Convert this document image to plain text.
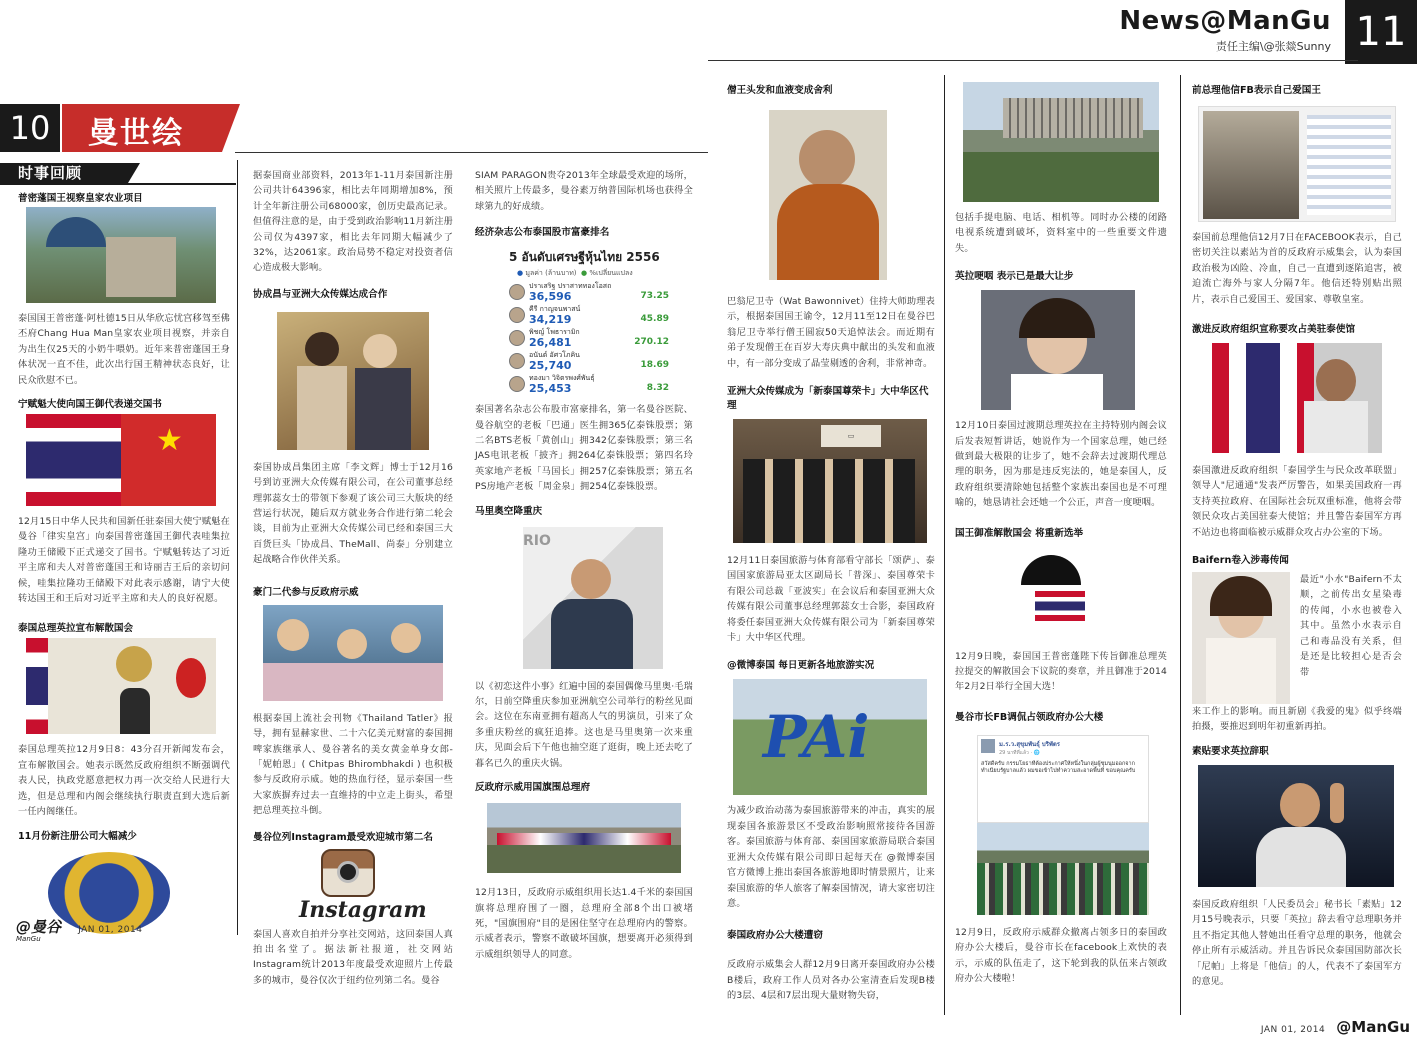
News@ManGu
责任主编\@张燚Sunny 11
10	曼世绘
时事回顾
普密蓬国王视察皇家农业项目
泰国国王普密蓬·阿杜德15日从华欣忘忧宫移驾至佛丕府Chang Hua Man皇家农业项目视察，并亲自为出生仅25天的小奶牛喂奶。近年来普密蓬国王身体状况一直不佳，此次出行国王精神状态良好，让民众欣慰不已。
宁赋魁大使向国王御代表递交国书
★
12月15日中华人民共和国新任驻泰国大使宁赋魁在曼谷「律实皇宫」向泰国普密蓬国王御代表哇集拉隆功王储殿下正式递交了国书。宁赋魁转达了习近平主席和夫人对普密蓬国王和诗丽吉王后的亲切问候，哇集拉隆功王储殿下对此表示感谢，请宁大使转达国王和王后对习近平主席和夫人的良好祝愿。
泰国总理英拉宣布解散国会
泰国总理英拉12月9日8：43分召开新闻发布会，宣布解散国会。她表示既然反政府组织不断强调代表人民，执政党愿意把权力再一次交给人民进行大选，但是总理和内阁会继续执行职责直到大选后新一任内阁继任。
11月份新注册公司大幅减少
@曼谷 JAN 01, 2014
ManGu
据泰国商业部资料，2013年1-11月泰国新注册公司共计64396家，相比去年同期增加8%，预计全年新注册公司68000家，创历史最高记录。但值得注意的是，由于受到政治影响11月新注册公司仅为4397家，相比去年同期大幅减少了32%，达2061家。政治局势不稳定对投资者信心造成极大影响。
协成昌与亚洲大众传媒达成合作
泰国协成昌集团主席「李文辉」博士于12月16号到访亚洲大众传媒有限公司，在公司董事总经理郭蕊女士的带领下参观了该公司三大版块的经营运行状况，随后双方就业务合作进行第二轮会谈，目前为止亚洲大众传媒公司已经和泰国三大百货巨头「协成昌、TheMall、尚泰」分别建立起战略合作伙伴关系。
豪门二代参与反政府示威
根据泰国上流社会刊物《Thailand Tatler》报导，拥有显赫家世、二十六亿美元财富的泰国拥啤家族继承人、曼谷著名的美女黄金单身女郎-「妮帕恩」( Chitpas Bhirombhakdi ) 也积极参与反政府示威。她的热血行径，显示泰国一些大家族摒弃过去一直维持的中立走上街头，希望把总理英拉斗倒。
曼谷位列Instagram最受欢迎城市第二名
Instagram
泰国人喜欢自拍并分享社交网站，这回泰国人真拍出名堂了。据法新社报道，社交网站Instagram统计2013年度最受欢迎照片上传最多的城市，曼谷仅次于纽约位列第二名。曼谷
SIAM PARAGON贵夺2013年全球最受欢迎的场所，相关照片上传最多，曼谷素万纳普国际机场也获得全球第九的好成绩。
经济杂志公布泰国股市富豪排名
5 อันดับเศรษฐีหุ้นไทย 2556
● มูลค่า (ล้านบาท) ● %เปลี่ยนแปลง
ปราเสริฐ ปราสาททองโอสถ
36,596	73.25
คีรี กาญจนพาสน์
34,219	45.89
พิชญ์ โพธารามิก
26,481	270.12
อนันต์ อัศวโภคิน
25,740	18.69
ทองมา วิจิตรพงศ์พันธุ์
25,453	8.32
泰国著名杂志公布股市富豪排名，第一名曼谷医院、曼谷航空的老板「巴通」医生拥365亿泰铢股票；第二名BTS老板「黄创山」拥342亿泰铢股票；第三名JAS电讯老板「披齐」拥264亿泰铢股票；第四名玲英家地产老板「马国长」拥257亿泰铢股票；第五名PS房地产老板「周金泉」拥254亿泰铢股票。
马里奥空降重庆
RIO
以《初恋这件小事》红遍中国的泰国偶像马里奥·毛瑞尔，日前空降重庆参加亚洲航空公司举行的粉丝见面会。这位在东南亚拥有超高人气的男演员，引来了众多重庆粉丝的疯狂追捧。这也是马里奥第一次来重庆，见面会后下午他也抽空逛了逛街，晚上还去吃了暮名已久的重庆火锅。
反政府示威用国旗围总理府
12月13日，反政府示威组织用长达1.4千米的泰国国旗将总理府围了一圈，总理府全部8个出口被堵死，"国旗围府"目的是困住坚守在总理府内的警察。示威者表示，警察不敢破坏国旗，想要离开必须得到示威组织领导人的同意。
僧王头发和血液变成舍利
巴翁尼卫寺（Wat Bawonnivet）住持大师助理表示，根据泰国国王谕令，12月11至12日在曼谷巴翁尼卫寺举行僧王圆寂50天追悼法会。而近期有弟子发现僧王在百岁大寿庆典中献出的头发和血液中，有一部分变成了晶莹剔透的舍利，非常神奇。
亚洲大众传媒成为「新泰国尊荣卡」大中华区代理
▭
12月11日泰国旅游与体育部看守部长「颂萨」、泰国国家旅游局亚太区副局长「普深」、泰国尊荣卡有限公司总裁「亚波实」在会议后和泰国亚洲大众传媒有限公司董事总经理郭蕊女士合影，泰国政府将委任泰国亚洲大众传媒有限公司为「新泰国尊荣卡」大中华区代理。
@微博泰国 每日更新各地旅游实况
PAi
为减少政治动荡为泰国旅游带来的冲击，真实的展现泰国各旅游景区不受政治影响照常接待各国游客。泰国旅游与体育部、泰国国家旅游局联合泰国亚洲大众传媒有限公司即日起每天在 @微博泰国 官方微博上推出泰国各旅游地即时情景照片，让来泰国旅游的华人旅客了解泰国情况，请大家密切注意。
泰国政府办公大楼遭窃
反政府示威集会人群12月9日离开泰国政府办公楼B楼后，政府工作人员对各办公室清查后发现B楼的3层、4层和7层出现大量财物失窃，
包括手提电脑、电话、相机等。同时办公楼的闭路电视系统遭到破坏，资料室中的一些重要文件遗失。
英拉哽咽 表示已是最大让步
12月10日泰国过渡期总理英拉在主持特别内阁会议后发表短暂讲话，她说作为一个国家总理，她已经做到最大极限的让步了，她不会辞去过渡期代理总理的职务，因为那是违反宪法的，她是泰国人，反政府组织要清除她包括整个家族出泰国也是不可理喻的，她恳请社会还她一个公正，声音一度哽咽。
国王御准解散国会 将重新选举
12月9日晚，泰国国王普密蓬陛下传旨御准总理英拉提交的解散国会下议院的奏章，并且御准于2014年2月2日举行全国大选！
曼谷市长FB调侃占领政府办公大楼
ม.ร.ว.สุขุมพันธุ์ บริพัตร
29 นาทีที่แล้ว · 🌐
สวัสดีครับ กรรมโยธาทีต้องประกาศให้หนึ่งในกลุ่มผู้ชุมนุมออกจากทำเนียบรัฐบาลแล้ว ผมขอเข้าไปทำความสะอาดพื้นที่ ขอบคุณครับ
12月9日，反政府示威群众撤离占领多日的泰国政府办公大楼后，曼谷市长在facebook上欢快的表示，示威的队伍走了，这下轮到我的队伍来占领政府办公大楼啦！
前总理他信FB表示自己爱国王
泰国前总理他信12月7日在FACEBOOK表示，自己密切关注以素站为首的反政府示威集会，认为泰国政治极为凶险、冷血，自己一直遭到逐陷追害，被迫流亡海外与家人分隔7年。他信还特别贴出照片，表示自己爱国王、爱国家、尊敬皇室。
激进反政府组织宣称要攻占美驻泰使馆
泰国激进反政府组织「泰国学生与民众改革联盟」领导人"尼通通"发表严厉警告，如果美国政府一再支持英拉政府、在国际社会玩双重标准，他将会带领民众攻占美国驻泰大使馆；并且警告泰国军方再不站边也将面临被示威群众攻占办公室的下场。
Baifern卷入涉毒传闻
最近"小水"Baifern不太顺，之前传出女星染毒的传闻，小水也被卷入其中。虽然小水表示自己和毒品没有关系，但是还是比较担心是否会带
来工作上的影响。而且新剧《我爱的鬼》似乎终端拍摄，要推迟到明年初重新再拍。
素贴要求英拉辞职
泰国反政府组织「人民委员会」秘书长「素贴」12月15号晚表示，只要「英拉」辞去看守总理职务并且不指定其他人替她出任看守总理的职务，他就会停止所有示威活动。并且告诉民众泰国国防部次长「尼帕」上将是「他信」的人，代表不了泰国军方的意见。
JAN 01, 2014 @ManGu
